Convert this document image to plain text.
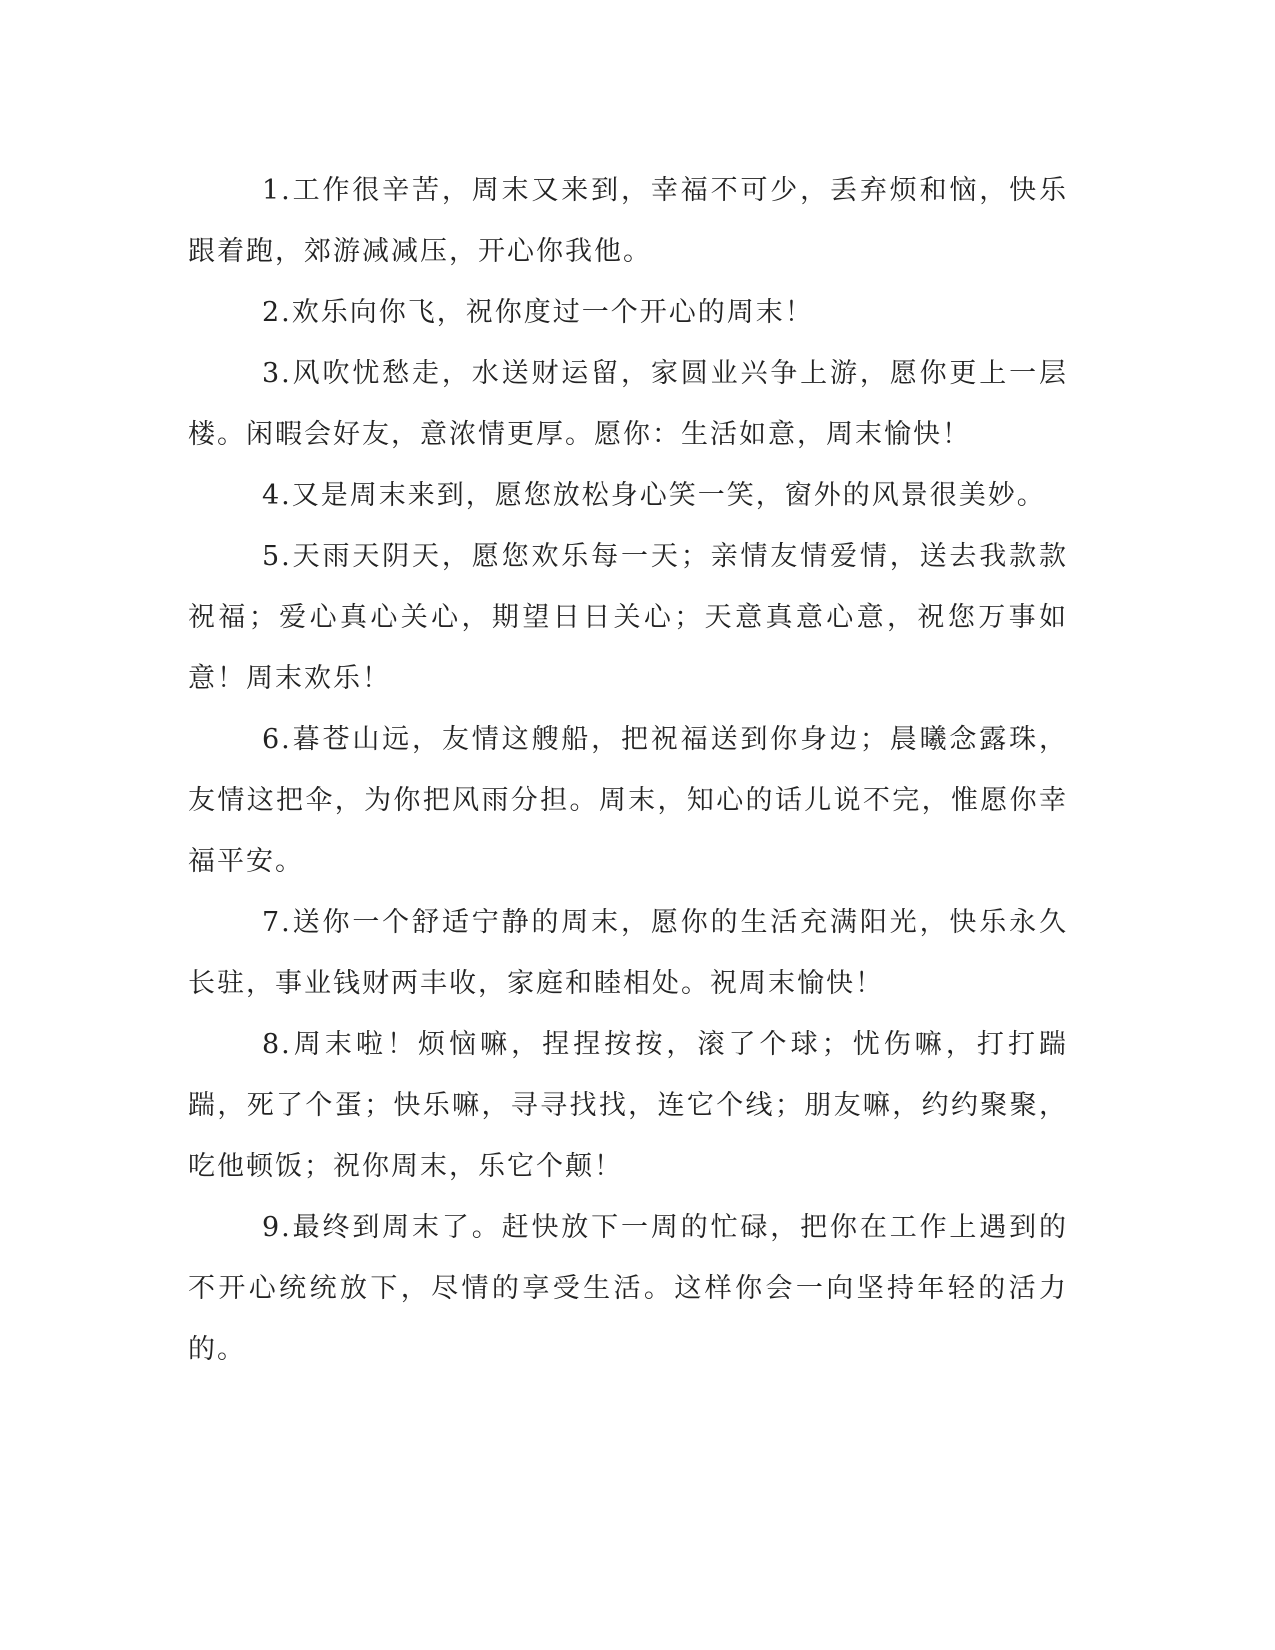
1.工作很辛苦，周末又来到，幸福不可少，丢弃烦和恼，快乐跟着跑，郊游减减压，开心你我他。

2.欢乐向你飞，祝你度过一个开心的周末！

3.风吹忧愁走，水送财运留，家圆业兴争上游，愿你更上一层楼。闲暇会好友，意浓情更厚。愿你：生活如意，周末愉快！

4.又是周末来到，愿您放松身心笑一笑，窗外的风景很美妙。

5.天雨天阴天，愿您欢乐每一天；亲情友情爱情，送去我款款祝福；爱心真心关心，期望日日关心；天意真意心意，祝您万事如意！周末欢乐！

6.暮苍山远，友情这艘船，把祝福送到你身边；晨曦念露珠，友情这把伞，为你把风雨分担。周末，知心的话儿说不完，惟愿你幸福平安。

7.送你一个舒适宁静的周末，愿你的生活充满阳光，快乐永久长驻，事业钱财两丰收，家庭和睦相处。祝周末愉快！

8.周末啦！烦恼嘛，捏捏按按，滚了个球；忧伤嘛，打打踹踹，死了个蛋；快乐嘛，寻寻找找，连它个线；朋友嘛，约约聚聚，吃他顿饭；祝你周末，乐它个颠！

9.最终到周末了。赶快放下一周的忙碌，把你在工作上遇到的不开心统统放下，尽情的享受生活。这样你会一向坚持年轻的活力的。
